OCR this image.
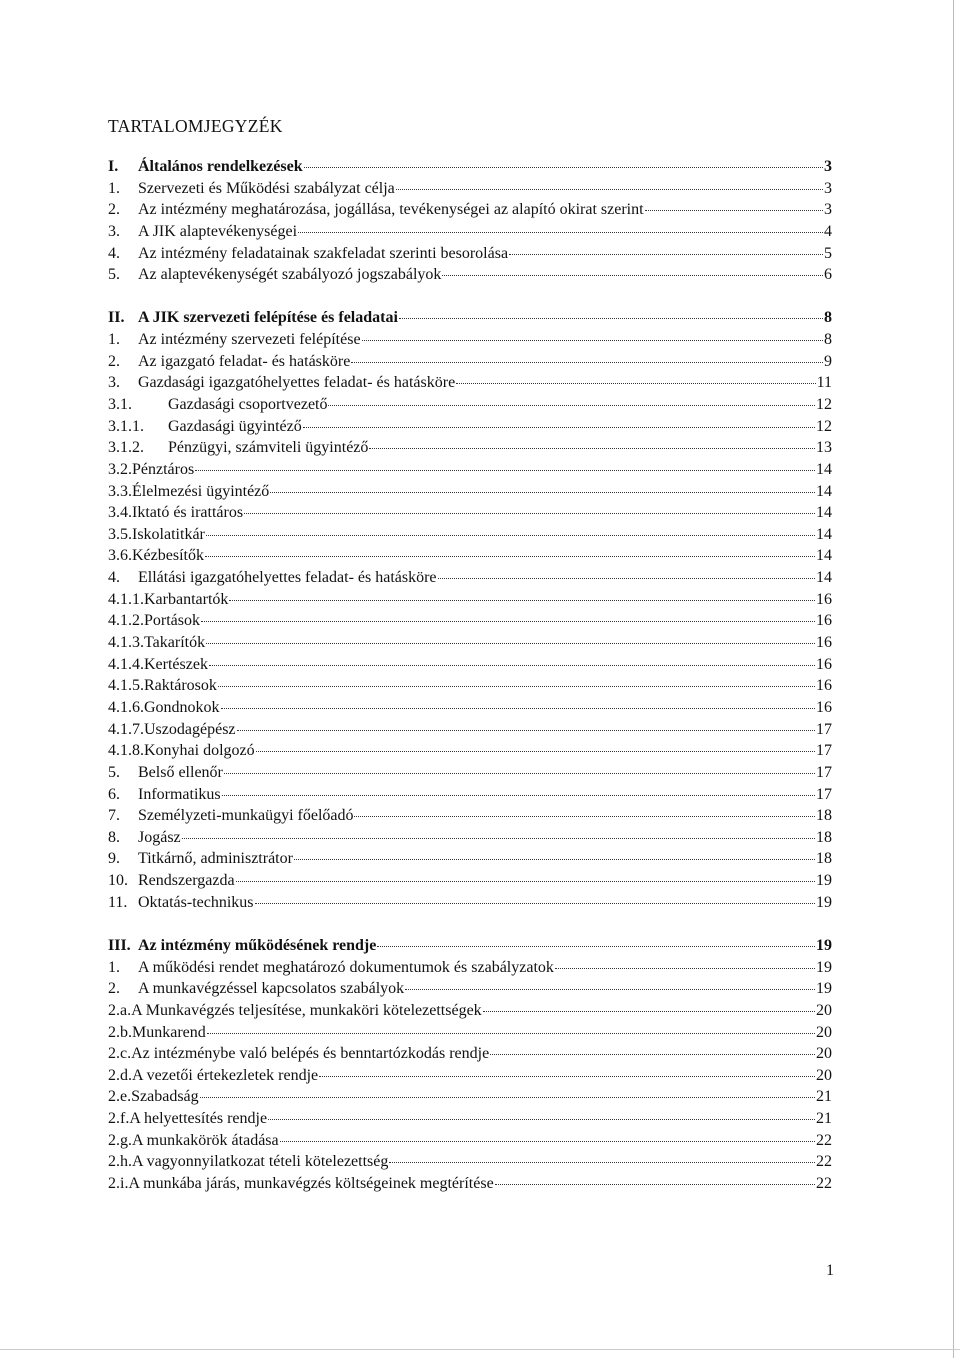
TARTALOMJEGYZÉK
I.	Általános rendelkezések	3
1.	Szervezeti és Működési szabályzat célja	3
2.	Az intézmény meghatározása, jogállása, tevékenységei az alapító okirat szerint	3
3.	A JIK alaptevékenységei	4
4.	Az intézmény feladatainak szakfeladat szerinti besorolása	5
5.	Az alaptevékenységét szabályozó jogszabályok	6
II. A JIK szervezeti felépítése és feladatai	8
1.	Az intézmény szervezeti felépítése	8
2.	Az igazgató feladat- és hatásköre	9
3.	Gazdasági igazgatóhelyettes feladat- és hatásköre	11
3.1.	Gazdasági csoportvezető	12
3.1.1.	Gazdasági ügyintéző	12
3.1.2.	Pénzügyi, számviteli ügyintéző	13
3.2. Pénztáros	14
3.3. Élelmezési ügyintéző	14
3.4. Iktató és irattáros	14
3.5. Iskolatitkár	14
3.6. Kézbesítők	14
4.	Ellátási igazgatóhelyettes feladat- és hatásköre	14
4.1.1. Karbantartók	16
4.1.2. Portások	16
4.1.3. Takarítók	16
4.1.4. Kertészek	16
4.1.5. Raktárosok	16
4.1.6. Gondnokok	16
4.1.7. Uszodagépész	17
4.1.8. Konyhai dolgozó	17
5.	Belső ellenőr	17
6.	Informatikus	17
7.	Személyzeti-munkaügyi főelőadó	18
8.	Jogász	18
9.	Titkárnő, adminisztrátor	18
10. Rendszergazda	19
11. Oktatás-technikus	19
III. Az intézmény működésének rendje	19
1.	A működési rendet meghatározó dokumentumok és szabályzatok	19
2.	A munkavégzéssel kapcsolatos szabályok	19
2.a. A Munkavégzés teljesítése, munkaköri kötelezettségek	20
2.b. Munkarend	20
2.c. Az intézménybe való belépés és benntartózkodás rendje	20
2.d. A vezetői értekezletek rendje	20
2.e. Szabadság	21
2.f. A helyettesítés rendje	21
2.g. A munkakörök átadása	22
2.h. A vagyonnyilatkozat tételi kötelezettség	22
2.i. A munkába járás, munkavégzés költségeinek megtérítése	22
1
